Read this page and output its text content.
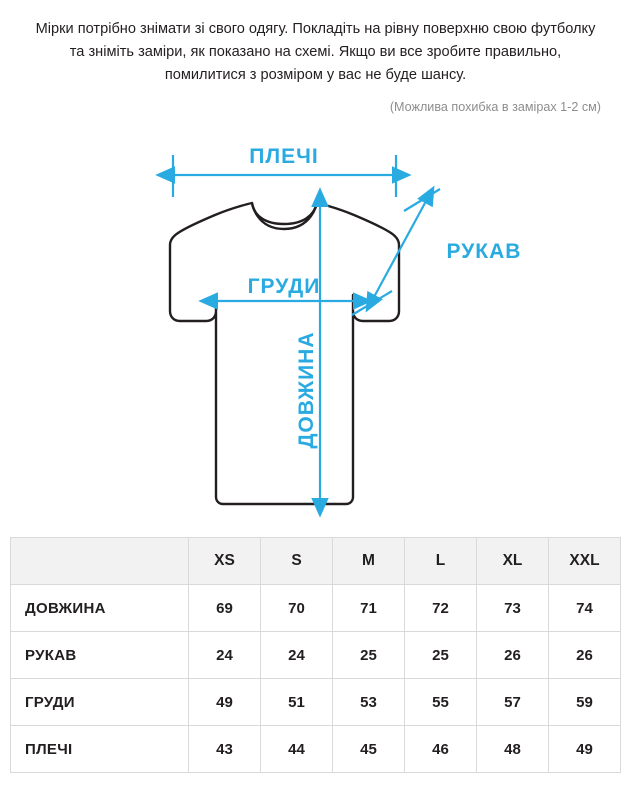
Мірки потрібно знімати зі свого одягу. Покладіть на рівну поверхню свою футболку та зніміть заміри, як показано на схемі. Якщо ви все зробите правильно, помилитися з розміром у вас не буде шансу.
(Можлива похибка в замірах 1-2 см)
ПЛЕЧІ
ГРУДИ
ДОВЖИНА
РУКАВ
	XS	S	M	L	XL	XXL
ДОВЖИНА	69	70	71	72	73	74
РУКАВ	24	24	25	25	26	26
ГРУДИ	49	51	53	55	57	59
ПЛЕЧІ	43	44	45	46	48	49
